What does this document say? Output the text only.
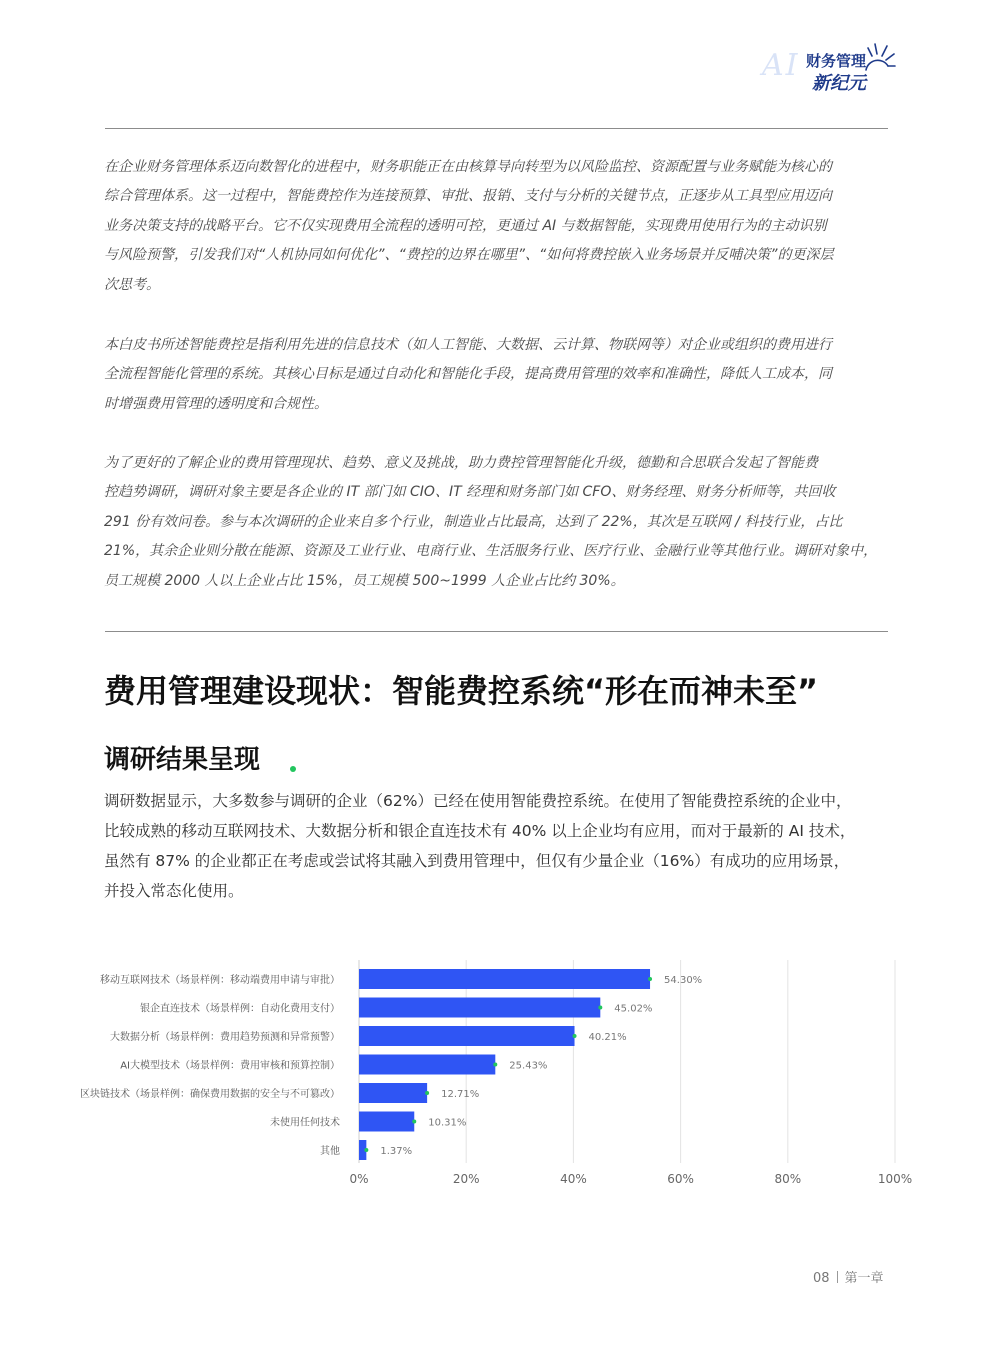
AI 财务管理
新纪元

在企业财务管理体系迈向数智化的进程中，财务职能正在由核算导向转型为以风险监控、资源配置与业务赋能为核心的
综合管理体系。这一过程中，智能费控作为连接预算、审批、报销、支付与分析的关键节点，正逐步从工具型应用迈向
业务决策支持的战略平台。它不仅实现费用全流程的透明可控，更通过 AI 与数据智能，实现费用使用行为的主动识别
与风险预警，引发我们对“人机协同如何优化”、“费控的边界在哪里”、“如何将费控嵌入业务场景并反哺决策”的更深层
次思考。

本白皮书所述智能费控是指利用先进的信息技术（如人工智能、大数据、云计算、物联网等）对企业或组织的费用进行
全流程智能化管理的系统。其核心目标是通过自动化和智能化手段，提高费用管理的效率和准确性，降低人工成本，同
时增强费用管理的透明度和合规性。

为了更好的了解企业的费用管理现状、趋势、意义及挑战，助力费控管理智能化升级，德勤和合思联合发起了智能费
控趋势调研，调研对象主要是各企业的 IT 部门如 CIO、IT 经理和财务部门如 CFO、财务经理、财务分析师等，共回收
291 份有效问卷。参与本次调研的企业来自多个行业，制造业占比最高，达到了 22%，其次是互联网 / 科技行业，占比
21%，其余企业则分散在能源、资源及工业行业、电商行业、生活服务行业、医疗行业、金融行业等其他行业。调研对象中，
员工规模 2000 人以上企业占比 15%，员工规模 500~1999 人企业占比约 30%。

费用管理建设现状：智能费控系统“形在而神未至”
调研结果呈现

调研数据显示，大多数参与调研的企业（62%）已经在使用智能费控系统。在使用了智能费控系统的企业中，
比较成熟的移动互联网技术、大数据分析和银企直连技术有 40% 以上企业均有应用，而对于最新的 AI 技术，
虽然有 87% 的企业都正在考虑或尝试将其融入到费用管理中，但仅有少量企业（16%）有成功的应用场景，
并投入常态化使用。

0%	20%	40%	60%	80%	100%
54.30%
移动互联网技术（场景样例：移动端费用申请与审批）
45.02%
银企直连技术（场景样例：自动化费用支付）
40.21%
大数据分析（场景样例：费用趋势预测和异常预警）
25.43%
AI大模型技术（场景样例：费用审核和预算控制）
12.71%
区块链技术（场景样例：确保费用数据的安全与不可篡改）
10.31%
未使用任何技术
1.37%
其他
08 第一章
